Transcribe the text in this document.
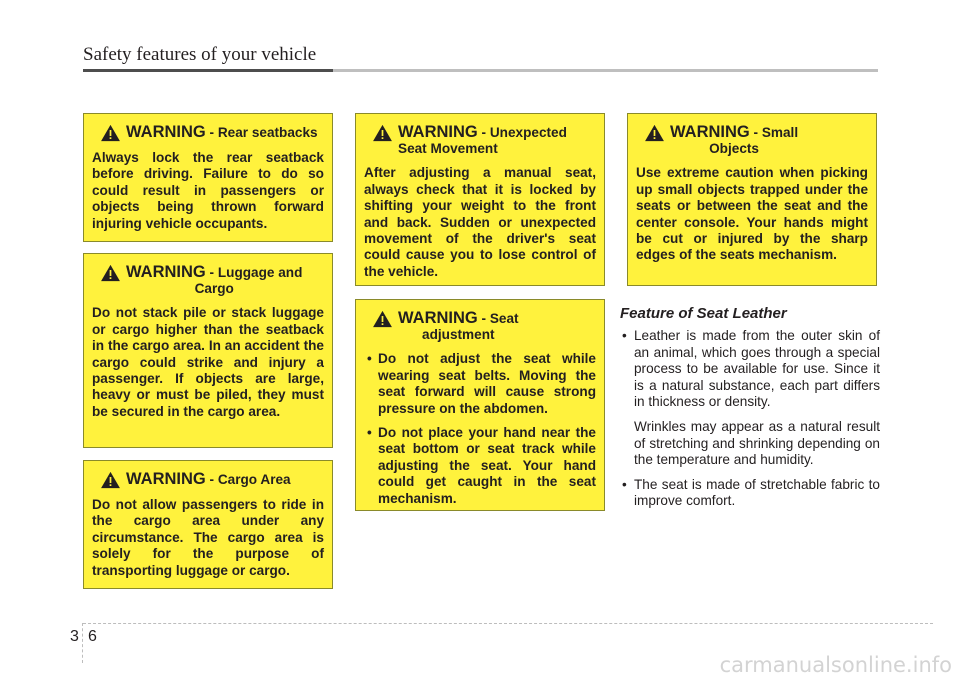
Safety features of your vehicle
WARNING - Rear seatbacks
Always lock the rear seatback before driving. Failure to do so could result in passengers or objects being thrown forward injuring vehicle occupants.
WARNING - Luggage and
Cargo
Do not stack pile or stack luggage or cargo higher than the seatback in the cargo area. In an accident the cargo could strike and injury a passenger. If objects are large, heavy or must be piled, they must be secured in the cargo area.
WARNING - Cargo Area
Do not allow passengers to ride in the cargo area under any circumstance. The cargo area is solely for the purpose of transporting luggage or cargo.
WARNING - Unexpected
Seat Movement
After adjusting a manual seat, always check that it is locked by shifting your weight to the front and back. Sudden or unexpected movement of the driver's seat could cause you to lose control of the vehicle.
WARNING - Seat
adjustment
• Do not adjust the seat while wearing seat belts. Moving the seat forward will cause strong pressure on the abdomen.
• Do not place your hand near the seat bottom or seat track while adjusting the seat. Your hand could get caught in the seat mechanism.
WARNING - Small
Objects
Use extreme caution when picking up small objects trapped under the seats or between the seat and the center console. Your hands might be cut or injured by the sharp edges of the seats mechanism.
Feature of Seat Leather
• Leather is made from the outer skin of an animal, which goes through a special process to be available for use. Since it is a natural substance, each part differs in thickness or density.
Wrinkles may appear as a natural result of stretching and shrinking depending on the temperature and humidity.
• The seat is made of stretchable fabric to improve comfort.
3 6
carmanualsonline.info
